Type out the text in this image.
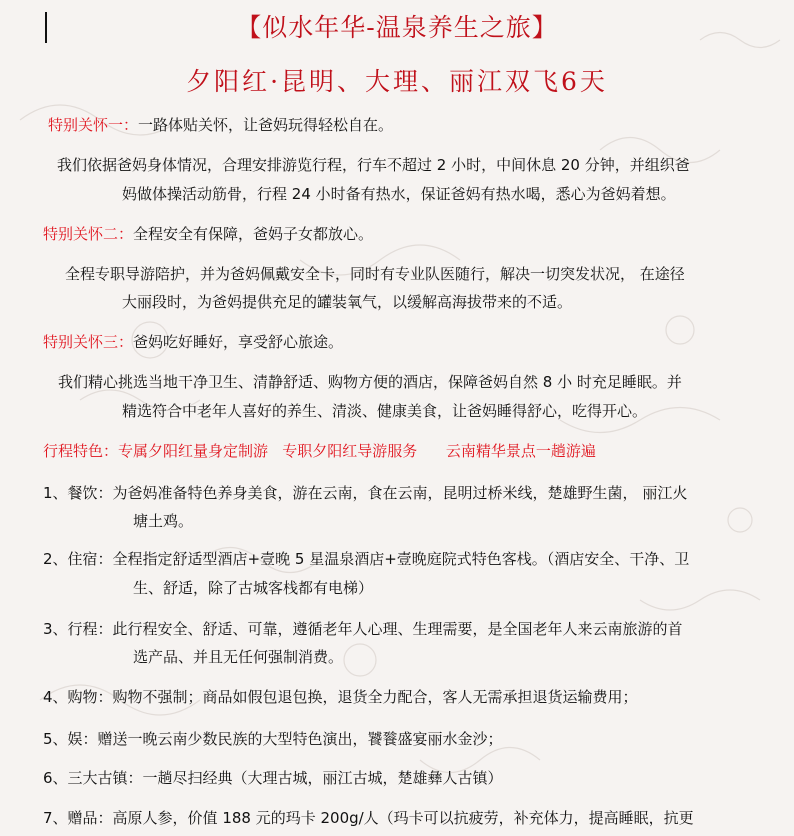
【似水年华-温泉养生之旅】
夕阳红·昆明、大理、丽江双飞6天
特别关怀一：一路体贴关怀，让爸妈玩得轻松自在。
我们依据爸妈身体情况，合理安排游览行程，行车不超过 2 小时，中间休息 20 分钟，并组织爸
妈做体操活动筋骨，行程 24 小时备有热水，保证爸妈有热水喝，悉心为爸妈着想。
特别关怀二：全程安全有保障，爸妈子女都放心。
全程专职导游陪护，并为爸妈佩戴安全卡，同时有专业队医随行，解决一切突发状况， 在途径
大丽段时，为爸妈提供充足的罐装氧气，以缓解高海拔带来的不适。
特别关怀三：爸妈吃好睡好，享受舒心旅途。
我们精心挑选当地干净卫生、清静舒适、购物方便的酒店，保障爸妈自然 8 小 时充足睡眠。并
精选符合中老年人喜好的养生、清淡、健康美食，让爸妈睡得舒心，吃得开心。
行程特色：专属夕阳红量身定制游   专职夕阳红导游服务      云南精华景点一趟游遍
1、餐饮：为爸妈准备特色养身美食，游在云南，食在云南，昆明过桥米线，楚雄野生菌， 丽江火
塘土鸡。
2、住宿：全程指定舒适型酒店+壹晚 5 星温泉酒店+壹晚庭院式特色客栈。（酒店安全、干净、卫
生、舒适，除了古城客栈都有电梯）
3、行程：此行程安全、舒适、可靠，遵循老年人心理、生理需要，是全国老年人来云南旅游的首
选产品、并且无任何强制消费。
4、购物：购物不强制；商品如假包退包换，退货全力配合，客人无需承担退货运输费用；
5、娱：赠送一晚云南少数民族的大型特色演出，饕餮盛宴丽水金沙；
6、三大古镇：一趟尽扫经典（大理古城，丽江古城，楚雄彝人古镇）
7、赠品：高原人参，价值 188 元的玛卡 200g/人（玛卡可以抗疲劳，补充体力，提高睡眠，抗更
